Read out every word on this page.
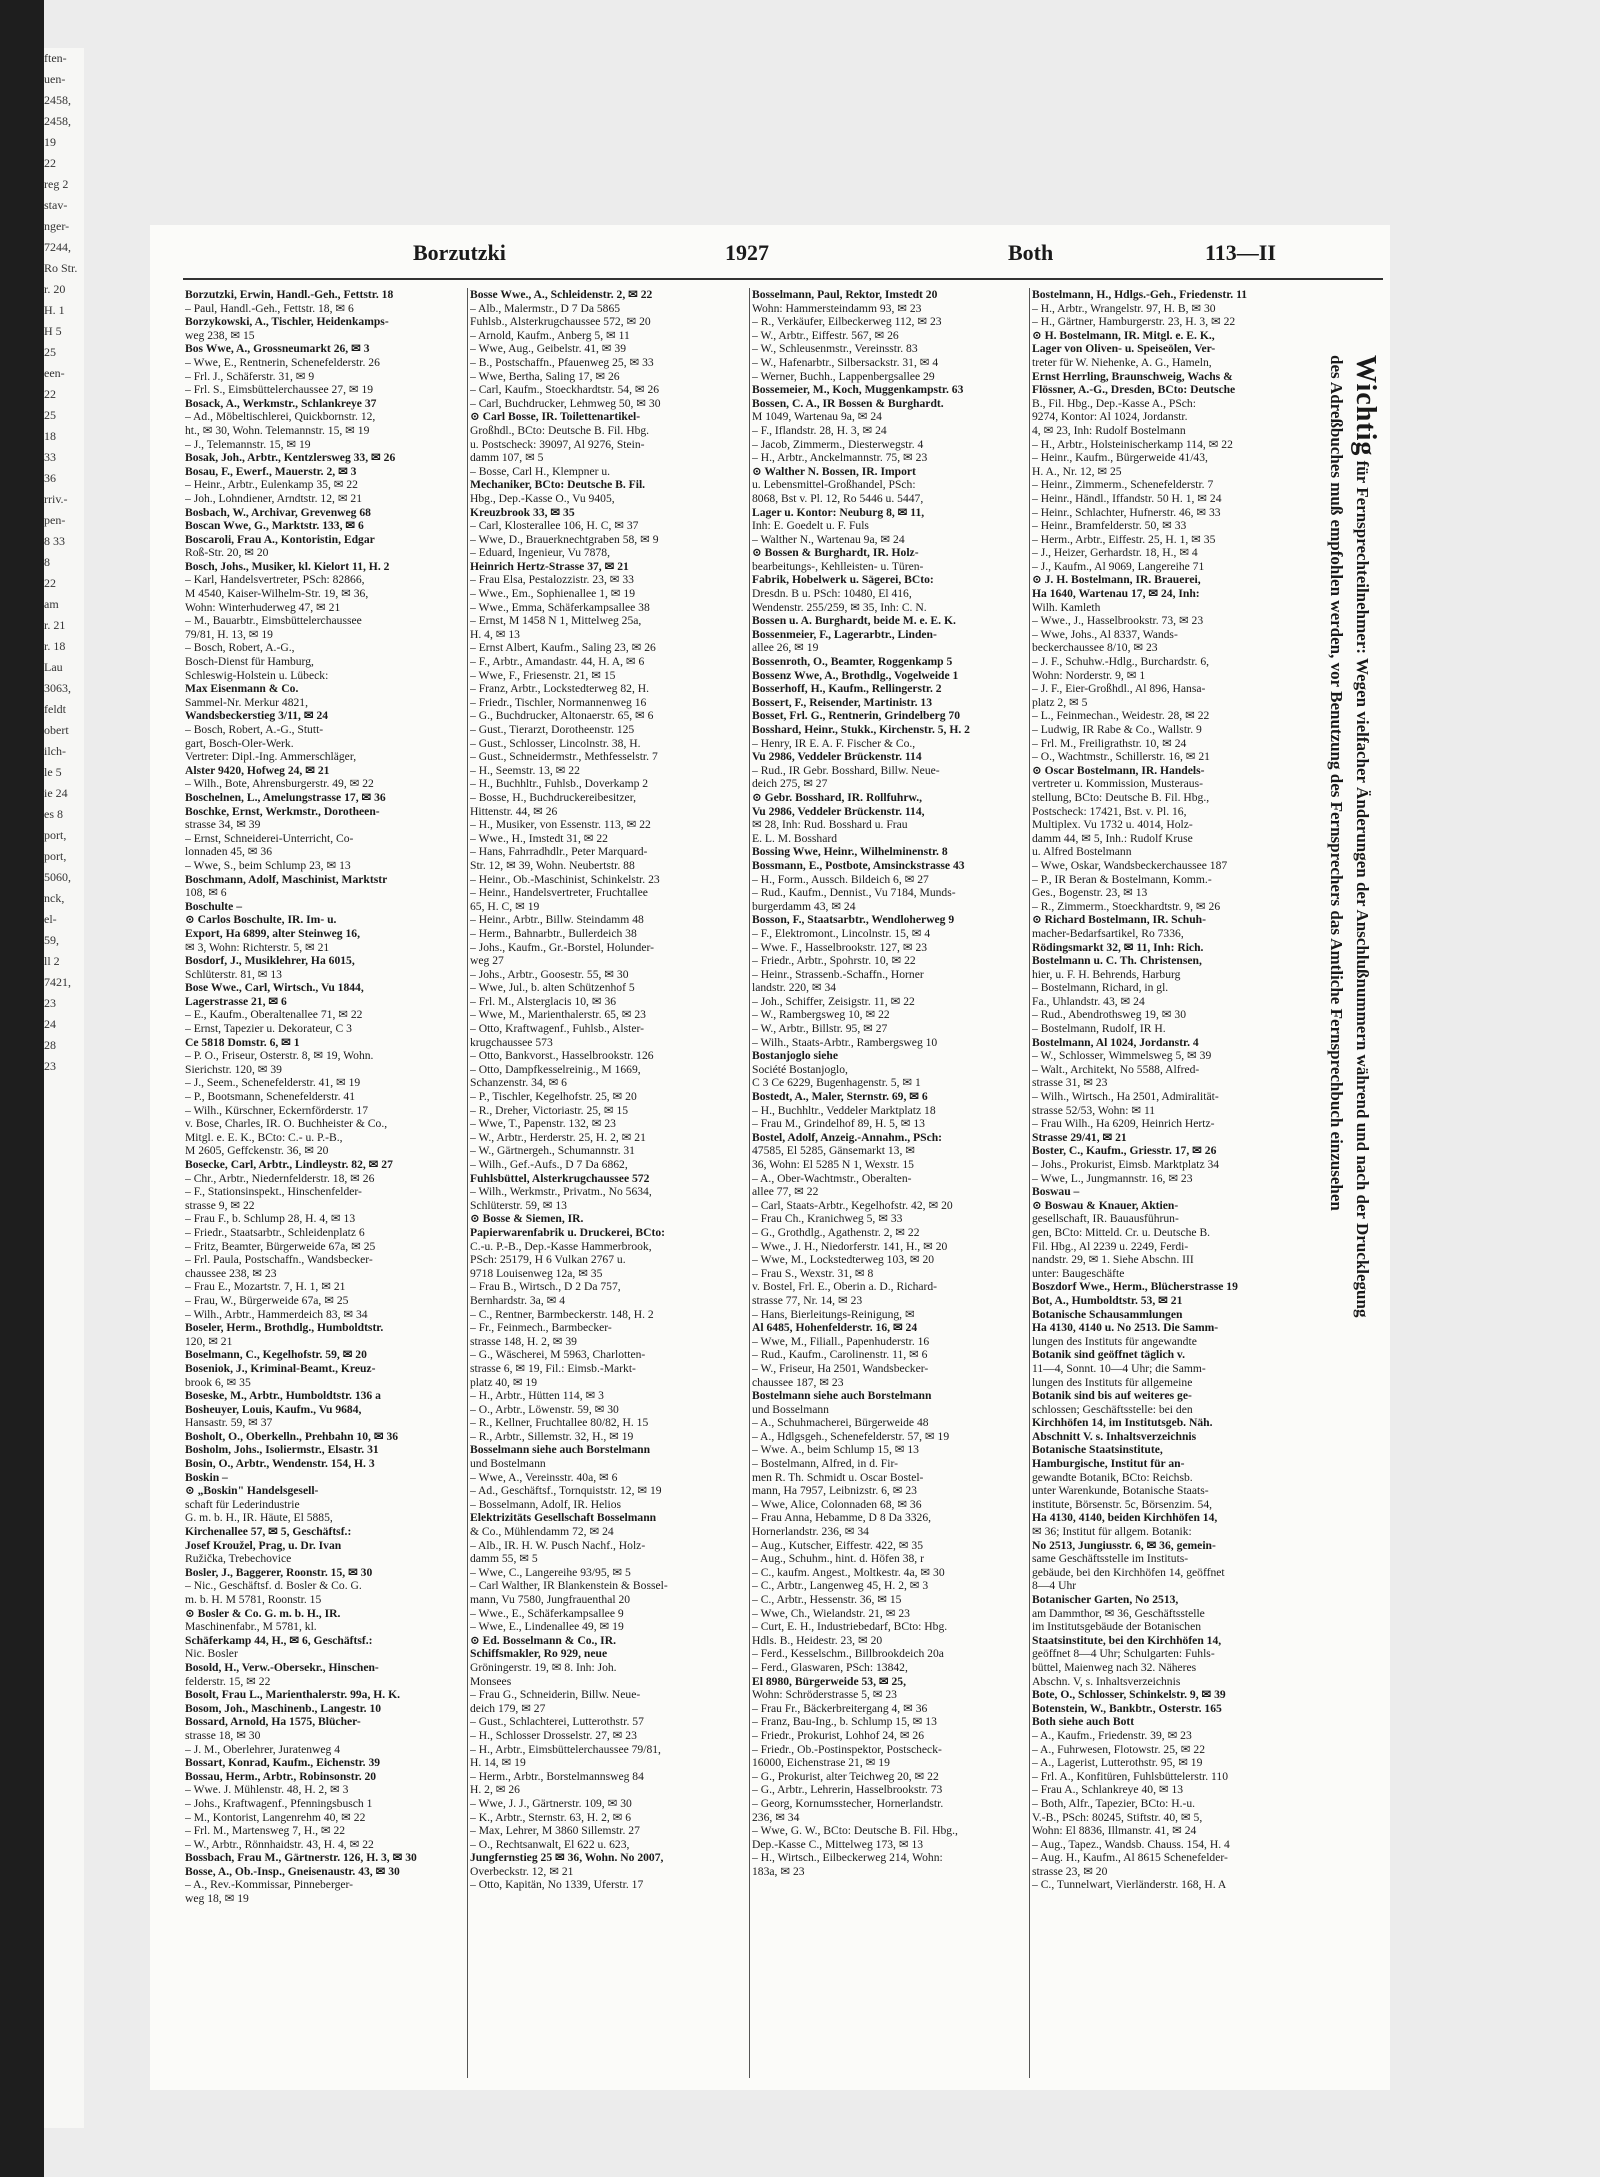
ften-
uen-
2458,
2458,
19
22
reg 2
stav-
nger-
7244,
Ro Str.
r. 20
H. 1
H 5
25
een-
22
25
18
33
36
rriv.-
pen-
8 33
8
22
am
r. 21
r. 18
Lau
3063,
feldt
obert
ilch-
le 5
ie 24
es 8
port,
port,
5060,
nck,
el-
59,
ll 2
7421,
23
24
28
23
Borzutzki	1927	Both	113—II
Borzutzki, Erwin, Handl.-Geh., Fettstr. 18
– Paul, Handl.-Geh., Fettstr. 18, ✉ 6
Borzykowski, A., Tischler, Heidenkamps-
weg 238, ✉ 15
Bos Wwe, A., Grossneumarkt 26, ✉ 3
– Wwe, E., Rentnerin, Schenefelderstr. 26
– Frl. J., Schäferstr. 31, ✉ 9
– Frl. S., Eimsbüttelerchaussee 27, ✉ 19
Bosack, A., Werkmstr., Schlankreye 37
– Ad., Möbeltischlerei, Quickbornstr. 12,
ht., ✉ 30, Wohn. Telemannstr. 15, ✉ 19
– J., Telemannstr. 15, ✉ 19
Bosak, Joh., Arbtr., Kentzlersweg 33, ✉ 26
Bosau, F., Ewerf., Mauerstr. 2, ✉ 3
– Heinr., Arbtr., Eulenkamp 35, ✉ 22
– Joh., Lohndiener, Arndtstr. 12, ✉ 21
Bosbach, W., Archivar, Grevenweg 68
Boscan Wwe, G., Marktstr. 133, ✉ 6
Boscaroli, Frau A., Kontoristin, Edgar
Roß-Str. 20, ✉ 20
Bosch, Johs., Musiker, kl. Kielort 11, H. 2
– Karl, Handelsvertreter, PSch: 82866,
M 4540, Kaiser-Wilhelm-Str. 19, ✉ 36,
Wohn: Winterhuderweg 47, ✉ 21
– M., Bauarbtr., Eimsbüttelerchaussee
79/81, H. 13, ✉ 19
– Bosch, Robert, A.-G.,
Bosch-Dienst für Hamburg,
Schleswig-Holstein u. Lübeck:
Max Eisenmann & Co.
Sammel-Nr. Merkur 4821,
Wandsbeckerstieg 3/11, ✉ 24
– Bosch, Robert, A.-G., Stutt-
gart, Bosch-Oler-Werk.
Vertreter: Dipl.-Ing. Ammerschläger,
Alster 9420, Hofweg 24, ✉ 21
– Wilh., Bote, Ahrensburgerstr. 49, ✉ 22
Boschelnen, L., Amelungstrasse 17, ✉ 36
Boschke, Ernst, Werkmstr., Dorotheen-
strasse 34, ✉ 39
– Ernst, Schneiderei-Unterricht, Co-
lonnaden 45, ✉ 36
– Wwe, S., beim Schlump 23, ✉ 13
Boschmann, Adolf, Maschinist, Marktstr
108, ✉ 6
Boschulte –
⊙ Carlos Boschulte, IR. Im- u.
Export, Ha 6899, alter Steinweg 16,
✉ 3, Wohn: Richterstr. 5, ✉ 21
Bosdorf, J., Musiklehrer, Ha 6015,
Schlüterstr. 81, ✉ 13
Bose Wwe., Carl, Wirtsch., Vu 1844,
Lagerstrasse 21, ✉ 6
– E., Kaufm., Oberaltenallee 71, ✉ 22
– Ernst, Tapezier u. Dekorateur, C 3
Ce 5818 Domstr. 6, ✉ 1
– P. O., Friseur, Osterstr. 8, ✉ 19, Wohn.
Sierichstr. 120, ✉ 39
– J., Seem., Schenefelderstr. 41, ✉ 19
– P., Bootsmann, Schenefelderstr. 41
– Wilh., Kürschner, Eckernförderstr. 17
v. Bose, Charles, IR. O. Buchheister & Co.,
Mitgl. e. E. K., BCto: C.- u. P.-B.,
M 2605, Geffckenstr. 36, ✉ 20
Bosecke, Carl, Arbtr., Lindleystr. 82, ✉ 27
– Chr., Arbtr., Niedernfelderstr. 18, ✉ 26
– F., Stationsinspekt., Hinschenfelder-
strasse 9, ✉ 22
– Frau F., b. Schlump 28, H. 4, ✉ 13
– Friedr., Staatsarbtr., Schleidenplatz 6
– Fritz, Beamter, Bürgerweide 67a, ✉ 25
– Frl. Paula, Postschaffn., Wandsbecker-
chaussee 238, ✉ 23
– Frau E., Mozartstr. 7, H. 1, ✉ 21
– Frau, W., Bürgerweide 67a, ✉ 25
– Wilh., Arbtr., Hammerdeich 83, ✉ 34
Boseler, Herm., Brothdlg., Humboldtstr.
120, ✉ 21
Boselmann, C., Kegelhofstr. 59, ✉ 20
Boseniok, J., Kriminal-Beamt., Kreuz-
brook 6, ✉ 35
Boseske, M., Arbtr., Humboldtstr. 136 a
Bosheuyer, Louis, Kaufm., Vu 9684,
Hansastr. 59, ✉ 37
Bosholt, O., Oberkelln., Prehbahn 10, ✉ 36
Bosholm, Johs., Isoliermstr., Elsastr. 31
Bosin, O., Arbtr., Wendenstr. 154, H. 3
Boskin –
⊙ „Boskin" Handelsgesell-
schaft für Lederindustrie
G. m. b. H., IR. Häute, El 5885,
Kirchenallee 57, ✉ 5, Geschäftsf.:
Josef Kroužel, Prag, u. Dr. Ivan
Ružička, Trebechovice
Bosler, J., Baggerer, Roonstr. 15, ✉ 30
– Nic., Geschäftsf. d. Bosler & Co. G.
m. b. H. M 5781, Roonstr. 15
⊙ Bosler & Co. G. m. b. H., IR.
Maschinenfabr., M 5781, kl.
Schäferkamp 44, H., ✉ 6, Geschäftsf.:
Nic. Bosler
Bosold, H., Verw.-Obersekr., Hinschen-
felderstr. 15, ✉ 22
Bosolt, Frau L., Marienthalerstr. 99a, H. K.
Bosom, Joh., Maschinenb., Langestr. 10
Bossard, Arnold, Ha 1575, Blücher-
strasse 18, ✉ 30
– J. M., Oberlehrer, Juratenweg 4
Bossart, Konrad, Kaufm., Eichenstr. 39
Bossau, Herm., Arbtr., Robinsonstr. 20
– Wwe. J. Mühlenstr. 48, H. 2, ✉ 3
– Johs., Kraftwagenf., Pfenningsbusch 1
– M., Kontorist, Langenrehm 40, ✉ 22
– Frl. M., Martensweg 7, H., ✉ 22
– W., Arbtr., Rönnhaidstr. 43, H. 4, ✉ 22
Bossbach, Frau M., Gärtnerstr. 126, H. 3, ✉ 30
Bosse, A., Ob.-Insp., Gneisenaustr. 43, ✉ 30
– A., Rev.-Kommissar, Pinneberger-
weg 18, ✉ 19
Bosse Wwe., A., Schleidenstr. 2, ✉ 22
– Alb., Malermstr., D 7 Da 5865
Fuhlsb., Alsterkrugchaussee 572, ✉ 20
– Arnold, Kaufm., Anberg 5, ✉ 11
– Wwe, Aug., Geibelstr. 41, ✉ 39
– B., Postschaffn., Pfauenweg 25, ✉ 33
– Wwe, Bertha, Saling 17, ✉ 26
– Carl, Kaufm., Stoeckhardtstr. 54, ✉ 26
– Carl, Buchdrucker, Lehmweg 50, ✉ 30
⊙ Carl Bosse, IR. Toilettenartikel-
Großhdl., BCto: Deutsche B. Fil. Hbg.
u. Postscheck: 39097, Al 9276, Stein-
damm 107, ✉ 5
– Bosse, Carl H., Klempner u.
Mechaniker, BCto: Deutsche B. Fil.
Hbg., Dep.-Kasse O., Vu 9405,
Kreuzbrook 33, ✉ 35
– Carl, Klosterallee 106, H. C, ✉ 37
– Wwe, D., Brauerknechtgraben 58, ✉ 9
– Eduard, Ingenieur, Vu 7878,
Heinrich Hertz-Strasse 37, ✉ 21
– Frau Elsa, Pestalozzistr. 23, ✉ 33
– Wwe., Em., Sophienallee 1, ✉ 19
– Wwe., Emma, Schäferkampsallee 38
– Ernst, M 1458 N 1, Mittelweg 25a,
H. 4, ✉ 13
– Ernst Albert, Kaufm., Saling 23, ✉ 26
– F., Arbtr., Amandastr. 44, H. A, ✉ 6
– Wwe, F., Friesenstr. 21, ✉ 15
– Franz, Arbtr., Lockstedterweg 82, H.
– Friedr., Tischler, Normannenweg 16
– G., Buchdrucker, Altonaerstr. 65, ✉ 6
– Gust., Tierarzt, Dorotheenstr. 125
– Gust., Schlosser, Lincolnstr. 38, H.
– Gust., Schneidermstr., Methfesselstr. 7
– H., Seemstr. 13, ✉ 22
– H., Buchhltr., Fuhlsb., Doverkamp 2
– Bosse, H., Buchdruckereibesitzer,
Hittenstr. 44, ✉ 26
– H., Musiker, von Essenstr. 113, ✉ 22
– Wwe., H., Imstedt 31, ✉ 22
– Hans, Fahrradhdlr., Peter Marquard-
Str. 12, ✉ 39, Wohn. Neubertstr. 88
– Heinr., Ob.-Maschinist, Schinkelstr. 23
– Heinr., Handelsvertreter, Fruchtallee
65, H. C, ✉ 19
– Heinr., Arbtr., Billw. Steindamm 48
– Herm., Bahnarbtr., Bullerdeich 38
– Johs., Kaufm., Gr.-Borstel, Holunder-
weg 27
– Johs., Arbtr., Goosestr. 55, ✉ 30
– Wwe, Jul., b. alten Schützenhof 5
– Frl. M., Alsterglacis 10, ✉ 36
– Wwe, M., Marienthalerstr. 65, ✉ 23
– Otto, Kraftwagenf., Fuhlsb., Alster-
krugchaussee 573
– Otto, Bankvorst., Hasselbrookstr. 126
– Otto, Dampfkesselreinig., M 1669,
Schanzenstr. 34, ✉ 6
– P., Tischler, Kegelhofstr. 25, ✉ 20
– R., Dreher, Victoriastr. 25, ✉ 15
– Wwe, T., Papenstr. 132, ✉ 23
– W., Arbtr., Herderstr. 25, H. 2, ✉ 21
– W., Gärtnergeh., Schumannstr. 31
– Wilh., Gef.-Aufs., D 7 Da 6862,
Fuhlsbüttel, Alsterkrugchaussee 572
– Wilh., Werkmstr., Privatm., No 5634,
Schlüterstr. 59, ✉ 13
⊙ Bosse & Siemen, IR.
Papierwarenfabrik u. Druckerei, BCto:
C.-u. P.-B., Dep.-Kasse Hammerbrook,
PSch: 25179, H 6 Vulkan 2767 u.
9718 Louisenweg 12a, ✉ 35
– Frau B., Wirtsch., D 2 Da 757,
Bernhardstr. 3a, ✉ 4
– C., Rentner, Barmbeckerstr. 148, H. 2
– Fr., Feinmech., Barmbecker-
strasse 148, H. 2, ✉ 39
– G., Wäscherei, M 5963, Charlotten-
strasse 6, ✉ 19, Fil.: Eimsb.-Markt-
platz 40, ✉ 19
– H., Arbtr., Hütten 114, ✉ 3
– O., Arbtr., Löwenstr. 59, ✉ 30
– R., Kellner, Fruchtallee 80/82, H. 15
– R., Arbtr., Sillemstr. 32, H., ✉ 19
Bosselmann siehe auch Borstelmann
und Bostelmann
– Wwe, A., Vereinsstr. 40a, ✉ 6
– Ad., Geschäftsf., Tornquiststr. 12, ✉ 19
– Bosselmann, Adolf, IR. Helios
Elektrizitäts Gesellschaft Bosselmann
& Co., Mühlendamm 72, ✉ 24
– Alb., IR. H. W. Pusch Nachf., Holz-
damm 55, ✉ 5
– Wwe, C., Langereihe 93/95, ✉ 5
– Carl Walther, IR Blankenstein & Bossel-
mann, Vu 7580, Jungfrauenthal 20
– Wwe., E., Schäferkampsallee 9
– Wwe, E., Lindenallee 49, ✉ 19
⊙ Ed. Bosselmann & Co., IR.
Schiffsmakler, Ro 929, neue
Gröningerstr. 19, ✉ 8. Inh: Joh.
Monsees
– Frau G., Schneiderin, Billw. Neue-
deich 179, ✉ 27
– Gust., Schlachterei, Lutterothstr. 57
– H., Schlosser Drosselstr. 27, ✉ 23
– H., Arbtr., Eimsbüttelerchaussee 79/81,
H. 14, ✉ 19
– Herm., Arbtr., Borstelmannsweg 84
H. 2, ✉ 26
– Wwe, J. J., Gärtnerstr. 109, ✉ 30
– K., Arbtr., Sternstr. 63, H. 2, ✉ 6
– Max, Lehrer, M 3860 Sillemstr. 27
– O., Rechtsanwalt, El 622 u. 623,
Jungfernstieg 25 ✉ 36, Wohn. No 2007,
Overbeckstr. 12, ✉ 21
– Otto, Kapitän, No 1339, Uferstr. 17
Bosselmann, Paul, Rektor, Imstedt 20
Wohn: Hammersteindamm 93, ✉ 23
– R., Verkäufer, Eilbeckerweg 112, ✉ 23
– W., Arbtr., Eiffestr. 567, ✉ 26
– W., Schleusenmstr., Vereinsstr. 83
– W., Hafenarbtr., Silbersackstr. 31, ✉ 4
– Werner, Buchh., Lappenbergsallee 29
Bossemeier, M., Koch, Muggenkampstr. 63
Bossen, C. A., IR Bossen & Burghardt.
M 1049, Wartenau 9a, ✉ 24
– F., Iflandstr. 28, H. 3, ✉ 24
– Jacob, Zimmerm., Diesterwegstr. 4
– H., Arbtr., Anckelmannstr. 75, ✉ 23
⊙ Walther N. Bossen, IR. Import
u. Lebensmittel-Großhandel, PSch:
8068, Bst v. Pl. 12, Ro 5446 u. 5447,
Lager u. Kontor: Neuburg 8, ✉ 11,
Inh: E. Goedelt u. F. Fuls
– Walther N., Wartenau 9a, ✉ 24
⊙ Bossen & Burghardt, IR. Holz-
bearbeitungs-, Kehlleisten- u. Türen-
Fabrik, Hobelwerk u. Sägerei, BCto:
Dresdn. B u. PSch: 10480, El 416,
Wendenstr. 255/259, ✉ 35, Inh: C. N.
Bossen u. A. Burghardt, beide M. e. E. K.
Bossenmeier, F., Lagerarbtr., Linden-
allee 26, ✉ 19
Bossenroth, O., Beamter, Roggenkamp 5
Bossenz Wwe, A., Brothdlg., Vogelweide 1
Bosserhoff, H., Kaufm., Rellingerstr. 2
Bossert, F., Reisender, Martinistr. 13
Bosset, Frl. G., Rentnerin, Grindelberg 70
Bosshard, Heinr., Stukk., Kirchenstr. 5, H. 2
– Henry, IR E. A. F. Fischer & Co.,
Vu 2986, Veddeler Brückenstr. 114
– Rud., IR Gebr. Bosshard, Billw. Neue-
deich 275, ✉ 27
⊙ Gebr. Bosshard, IR. Rollfuhrw.,
Vu 2986, Veddeler Brückenstr. 114,
✉ 28, Inh: Rud. Bosshard u. Frau
E. L. M. Bosshard
Bossing Wwe, Heinr., Wilhelminenstr. 8
Bossmann, E., Postbote, Amsinckstrasse 43
– H., Form., Aussch. Bildeich 6, ✉ 27
– Rud., Kaufm., Dennist., Vu 7184, Munds-
burgerdamm 43, ✉ 24
Bosson, F., Staatsarbtr., Wendloherweg 9
– F., Elektromont., Lincolnstr. 15, ✉ 4
– Wwe. F., Hasselbrookstr. 127, ✉ 23
– Friedr., Arbtr., Spohrstr. 10, ✉ 22
– Heinr., Strassenb.-Schaffn., Horner
landstr. 220, ✉ 34
– Joh., Schiffer, Zeisigstr. 11, ✉ 22
– W., Rambergsweg 10, ✉ 22
– W., Arbtr., Billstr. 95, ✉ 27
– Wilh., Staats-Arbtr., Rambergsweg 10
Bostanjoglo siehe
Société Bostanjoglo,
C 3 Ce 6229, Bugenhagenstr. 5, ✉ 1
Bostedt, A., Maler, Sternstr. 69, ✉ 6
– H., Buchhltr., Veddeler Marktplatz 18
– Frau M., Grindelhof 89, H. 5, ✉ 13
Bostel, Adolf, Anzeig.-Annahm., PSch:
47585, El 5285, Gänsemarkt 13, ✉
36, Wohn: El 5285 N 1, Wexstr. 15
– A., Ober-Wachtmstr., Oberalten-
allee 77, ✉ 22
– Carl, Staats-Arbtr., Kegelhofstr. 42, ✉ 20
– Frau Ch., Kranichweg 5, ✉ 33
– G., Grothdlg., Agathenstr. 2, ✉ 22
– Wwe., J. H., Niedorferstr. 141, H., ✉ 20
– Wwe, M., Lockstedterweg 103, ✉ 20
– Frau S., Wexstr. 31, ✉ 8
v. Bostel, Frl. E., Oberin a. D., Richard-
strasse 77, Nr. 14, ✉ 23
– Hans, Bierleitungs-Reinigung, ✉
Al 6485, Hohenfelderstr. 16, ✉ 24
– Wwe, M., Filiall., Papenhuderstr. 16
– Rud., Kaufm., Carolinenstr. 11, ✉ 6
– W., Friseur, Ha 2501, Wandsbecker-
chaussee 187, ✉ 23
Bostelmann siehe auch Borstelmann
und Bosselmann
– A., Schuhmacherei, Bürgerweide 48
– A., Hdlgsgeh., Schenefelderstr. 57, ✉ 19
– Wwe. A., beim Schlump 15, ✉ 13
– Bostelmann, Alfred, in d. Fir-
men R. Th. Schmidt u. Oscar Bostel-
mann, Ha 7957, Leibnizstr. 6, ✉ 23
– Wwe, Alice, Colonnaden 68, ✉ 36
– Frau Anna, Hebamme, D 8 Da 3326,
Hornerlandstr. 236, ✉ 34
– Aug., Kutscher, Eiffestr. 422, ✉ 35
– Aug., Schuhm., hint. d. Höfen 38, r
– C., kaufm. Angest., Moltkestr. 4a, ✉ 30
– C., Arbtr., Langenweg 45, H. 2, ✉ 3
– C., Arbtr., Hessenstr. 36, ✉ 15
– Wwe, Ch., Wielandstr. 21, ✉ 23
– Curt, E. H., Industriebedarf, BCto: Hbg.
Hdls. B., Heidestr. 23, ✉ 20
– Ferd., Kesselschm., Billbrookdeich 20a
– Ferd., Glaswaren, PSch: 13842,
El 8980, Bürgerweide 53, ✉ 25,
Wohn: Schröderstrasse 5, ✉ 23
– Frau Fr., Bäckerbreitergang 4, ✉ 36
– Franz, Bau-Ing., b. Schlump 15, ✉ 13
– Friedr., Prokurist, Lohhof 24, ✉ 26
– Friedr., Ob.-Postinspektor, Postscheck-
16000, Eichenstrase 21, ✉ 19
– G., Prokurist, alter Teichweg 20, ✉ 22
– G., Arbtr., Lehrerin, Hasselbrookstr. 73
– Georg, Kornumsstecher, Hornerlandstr.
236, ✉ 34
– Wwe, G. W., BCto: Deutsche B. Fil. Hbg.,
Dep.-Kasse C., Mittelweg 173, ✉ 13
– H., Wirtsch., Eilbeckerweg 214, Wohn:
183a, ✉ 23
Bostelmann, H., Hdlgs.-Geh., Friedenstr. 11
– H., Arbtr., Wrangelstr. 97, H. B, ✉ 30
– H., Gärtner, Hamburgerstr. 23, H. 3, ✉ 22
⊙ H. Bostelmann, IR. Mitgl. e. E. K.,
Lager von Oliven- u. Speiseölen, Ver-
treter für W. Niehenke, A. G., Hameln,
Ernst Herrling, Braunschweig, Wachs &
Flössner, A.-G., Dresden, BCto: Deutsche
B., Fil. Hbg., Dep.-Kasse A., PSch:
9274, Kontor: Al 1024, Jordanstr.
4, ✉ 23, Inh: Rudolf Bostelmann
– H., Arbtr., Holsteinischerkamp 114, ✉ 22
– Heinr., Kaufm., Bürgerweide 41/43,
H. A., Nr. 12, ✉ 25
– Heinr., Zimmerm., Schenefelderstr. 7
– Heinr., Händl., Iffandstr. 50 H. 1, ✉ 24
– Heinr., Schlachter, Hufnerstr. 46, ✉ 33
– Heinr., Bramfelderstr. 50, ✉ 33
– Herm., Arbtr., Eiffestr. 25, H. 1, ✉ 35
– J., Heizer, Gerhardstr. 18, H., ✉ 4
– J., Kaufm., Al 9069, Langereihe 71
⊙ J. H. Bostelmann, IR. Brauerei,
Ha 1640, Wartenau 17, ✉ 24, Inh:
Wilh. Kamleth
– Wwe., J., Hasselbrookstr. 73, ✉ 23
– Wwe, Johs., Al 8337, Wands-
beckerchaussee 8/10, ✉ 23
– J. F., Schuhw.-Hdlg., Burchardstr. 6,
Wohn: Norderstr. 9, ✉ 1
– J. F., Eier-Großhdl., Al 896, Hansa-
platz 2, ✉ 5
– L., Feinmechan., Weidestr. 28, ✉ 22
– Ludwig, IR Rabe & Co., Wallstr. 9
– Frl. M., Freiligrathstr. 10, ✉ 24
– O., Wachtmstr., Schillerstr. 16, ✉ 21
⊙ Oscar Bostelmann, IR. Handels-
vertreter u. Kommission, Musteraus-
stellung, BCto: Deutsche B. Fil. Hbg.,
Postscheck: 17421, Bst. v. Pl. 16,
Multiplex. Vu 1732 u. 4014, Holz-
damm 44, ✉ 5, Inh.: Rudolf Kruse
u. Alfred Bostelmann
– Wwe, Oskar, Wandsbeckerchaussee 187
– P., IR Beran & Bostelmann, Komm.-
Ges., Bogenstr. 23, ✉ 13
– R., Zimmerm., Stoeckhardtstr. 9, ✉ 26
⊙ Richard Bostelmann, IR. Schuh-
macher-Bedarfsartikel, Ro 7336,
Rödingsmarkt 32, ✉ 11, Inh: Rich.
Bostelmann u. C. Th. Christensen,
hier, u. F. H. Behrends, Harburg
– Bostelmann, Richard, in gl.
Fa., Uhlandstr. 43, ✉ 24
– Rud., Abendrothsweg 19, ✉ 30
– Bostelmann, Rudolf, IR H.
Bostelmann, Al 1024, Jordanstr. 4
– W., Schlosser, Wimmelsweg 5, ✉ 39
– Walt., Architekt, No 5588, Alfred-
strasse 31, ✉ 23
– Wilh., Wirtsch., Ha 2501, Admiralität-
strasse 52/53, Wohn: ✉ 11
– Frau Wilh., Ha 6209, Heinrich Hertz-
Strasse 29/41, ✉ 21
Boster, C., Kaufm., Griesstr. 17, ✉ 26
– Johs., Prokurist, Eimsb. Marktplatz 34
– Wwe, L., Jungmannstr. 16, ✉ 23
Boswau –
⊙ Boswau & Knauer, Aktien-
gesellschaft, IR. Bauausführun-
gen, BCto: Mitteld. Cr. u. Deutsche B.
Fil. Hbg., Al 2239 u. 2249, Ferdi-
nandstr. 29, ✉ 1. Siehe Abschn. III
unter: Baugeschäfte
Boszdorf Wwe., Herm., Blücherstrasse 19
Bot, A., Humboldtstr. 53, ✉ 21
Botanische Schausammlungen
Ha 4130, 4140 u. No 2513. Die Samm-
lungen des Instituts für angewandte
Botanik sind geöffnet täglich v.
11—4, Sonnt. 10—4 Uhr; die Samm-
lungen des Instituts für allgemeine
Botanik sind bis auf weiteres ge-
schlossen; Geschäftsstelle: bei den
Kirchhöfen 14, im Institutsgeb. Näh.
Abschnitt V. s. Inhaltsverzeichnis
Botanische Staatsinstitute,
Hamburgische, Institut für an-
gewandte Botanik, BCto: Reichsb.
unter Warenkunde, Botanische Staats-
institute, Börsenstr. 5c, Börsenzim. 54,
Ha 4130, 4140, beiden Kirchhöfen 14,
✉ 36; Institut für allgem. Botanik:
No 2513, Jungiusstr. 6, ✉ 36, gemein-
same Geschäftsstelle im Instituts-
gebäude, bei den Kirchhöfen 14, geöffnet
8—4 Uhr
Botanischer Garten, No 2513,
am Dammthor, ✉ 36, Geschäftsstelle
im Institutsgebäude der Botanischen
Staatsinstitute, bei den Kirchhöfen 14,
geöffnet 8—4 Uhr; Schulgarten: Fuhls-
büttel, Maienweg nach 32. Näheres
Abschn. V, s. Inhaltsverzeichnis
Bote, O., Schlosser, Schinkelstr. 9, ✉ 39
Botenstein, W., Bankbtr., Osterstr. 165
Both siehe auch Bott
– A., Kaufm., Friedenstr. 39, ✉ 23
– A., Fuhrwesen, Flotowstr. 25, ✉ 22
– A., Lagerist, Lutterothstr. 95, ✉ 19
– Frl. A., Konfitüren, Fuhlsbüttelerstr. 110
– Frau A., Schlankreye 40, ✉ 13
– Both, Alfr., Tapezier, BCto: H.-u.
V.-B., PSch: 80245, Stiftstr. 40, ✉ 5,
Wohn: El 8836, Illmanstr. 41, ✉ 24
– Aug., Tapez., Wandsb. Chauss. 154, H. 4
– Aug. H., Kaufm., Al 8615 Schenefelder-
strasse 23, ✉ 20
– C., Tunnelwart, Vierländerstr. 168, H. A
Wichtig für Fernsprechteilnehmer: Wegen vielfacher Änderungen der Anschlußnummern während und nach der Drucklegung
des Adreßbuches muß empfohlen werden, vor Benutzung des Fernsprechers das Amtliche Fernsprechbuch einzusehen
